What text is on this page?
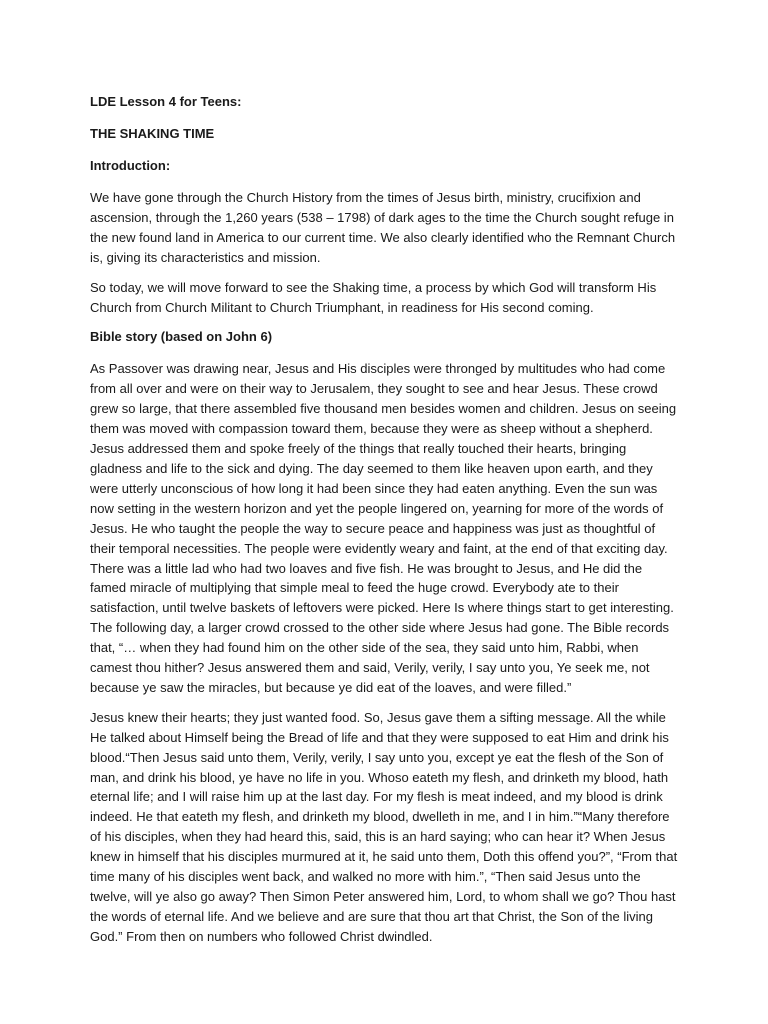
LDE Lesson 4 for Teens:

THE SHAKING TIME

Introduction:

We have gone through the Church History from the times of Jesus birth, ministry, crucifixion and ascension, through the 1,260 years (538 – 1798) of dark ages to the time the Church sought refuge in the new found land in America to our current time. We also clearly identified who the Remnant Church is, giving its characteristics and mission.

So today, we will move forward to see the Shaking time, a process by which God will transform His Church from Church Militant to Church Triumphant, in readiness for His second coming.

Bible story (based on John 6)

As Passover was drawing near, Jesus and His disciples were thronged by multitudes who had come from all over and were on their way to Jerusalem, they sought to see and hear Jesus. These crowd grew so large, that there assembled five thousand men besides women and children. Jesus on seeing them was moved with compassion toward them, because they were as sheep without a shepherd. Jesus addressed them and spoke freely of the things that really touched their hearts, bringing gladness and life to the sick and dying. The day seemed to them like heaven upon earth, and they were utterly unconscious of how long it had been since they had eaten anything. Even the sun was now setting in the western horizon and yet the people lingered on, yearning for more of the words of Jesus. He who taught the people the way to secure peace and happiness was just as thoughtful of their temporal necessities. The people were evidently weary and faint, at the end of that exciting day. There was a little lad who had two loaves and five fish. He was brought to Jesus, and He did the famed miracle of multiplying that simple meal to feed the huge crowd. Everybody ate to their satisfaction, until twelve baskets of leftovers were picked. Here Is where things start to get interesting. The following day, a larger crowd crossed to the other side where Jesus had gone. The Bible records that, “… when they had found him on the other side of the sea, they said unto him, Rabbi, when camest thou hither? Jesus answered them and said, Verily, verily, I say unto you, Ye seek me, not because ye saw the miracles, but because ye did eat of the loaves, and were filled.”

Jesus knew their hearts; they just wanted food. So, Jesus gave them a sifting message. All the while He talked about Himself being the Bread of life and that they were supposed to eat Him and drink his blood.“Then Jesus said unto them, Verily, verily, I say unto you, except ye eat the flesh of the Son of man, and drink his blood, ye have no life in you. Whoso eateth my flesh, and drinketh my blood, hath eternal life; and I will raise him up at the last day. For my flesh is meat indeed, and my blood is drink indeed. He that eateth my flesh, and drinketh my blood, dwelleth in me, and I in him.”“Many therefore of his disciples, when they had heard this, said, this is an hard saying; who can hear it? When Jesus knew in himself that his disciples murmured at it, he said unto them, Doth this offend you?”, “From that time many of his disciples went back, and walked no more with him.”, “Then said Jesus unto the twelve, will ye also go away? Then Simon Peter answered him, Lord, to whom shall we go? Thou hast the words of eternal life. And we believe and are sure that thou art that Christ, the Son of the living God.” From then on numbers who followed Christ dwindled.
